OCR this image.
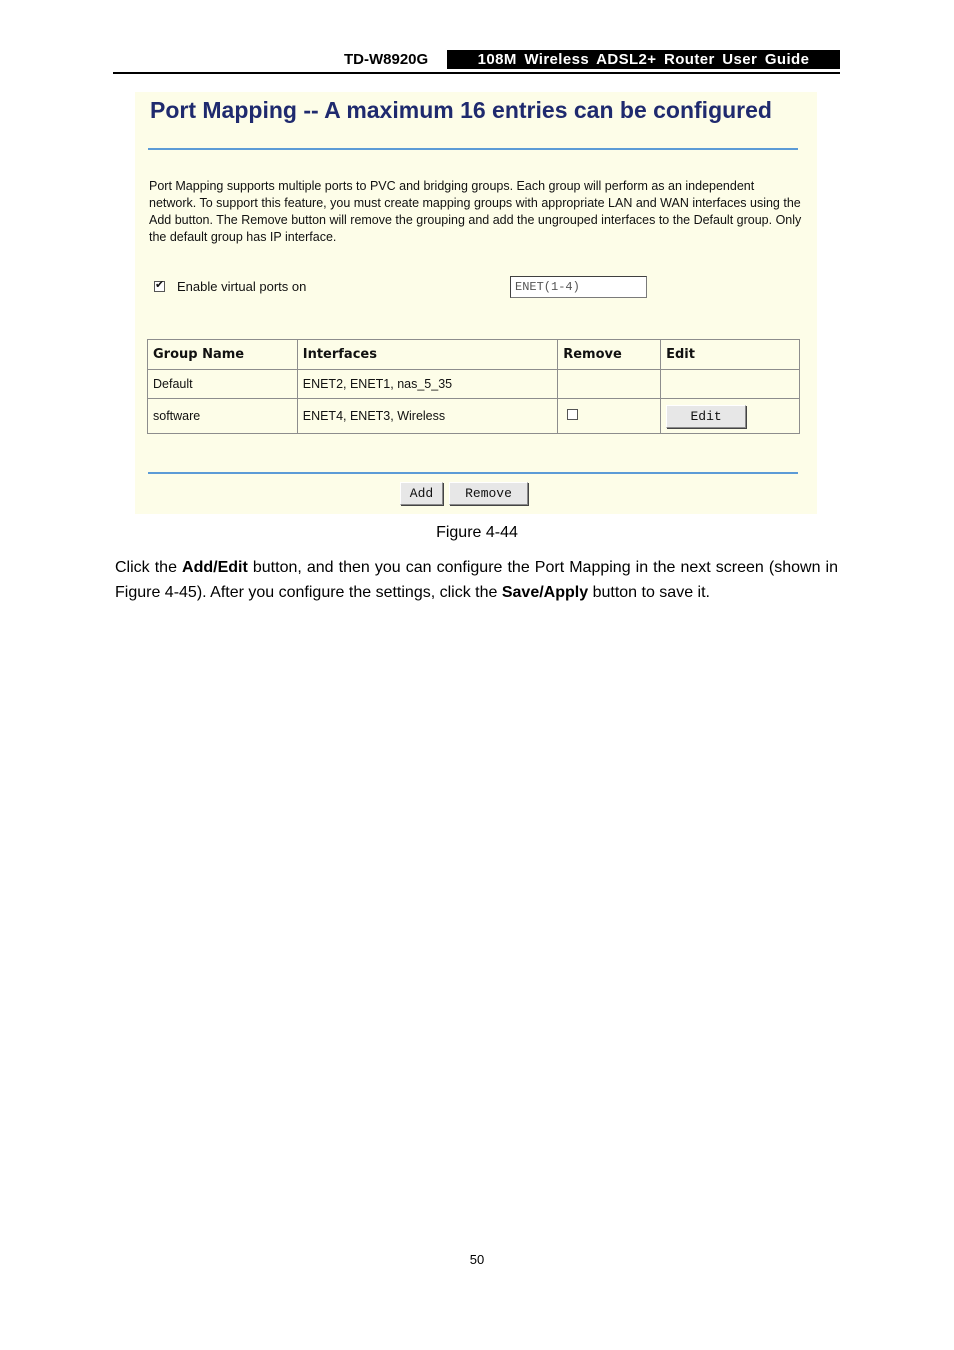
TD-W8920G	108M Wireless ADSL2+ Router User Guide
Port Mapping -- A maximum 16 entries can be configured
Port Mapping supports multiple ports to PVC and bridging groups. Each group will perform as an independent network. To support this feature, you must create mapping groups with appropriate LAN and WAN interfaces using the Add button. The Remove button will remove the grouping and add the ungrouped interfaces to the Default group. Only the default group has IP interface.
✔
Enable virtual ports on	ENET(1-4)
Group Name	Interfaces	Remove	Edit
Default	ENET2, ENET1, nas_5_35		
software	ENET4, ENET3, Wireless		Edit
Add	Remove
Figure 4-44
Click the Add/Edit button, and then you can configure the Port Mapping in the next screen (shown in Figure 4-45). After you configure the settings, click the Save/Apply button to save it.
50
